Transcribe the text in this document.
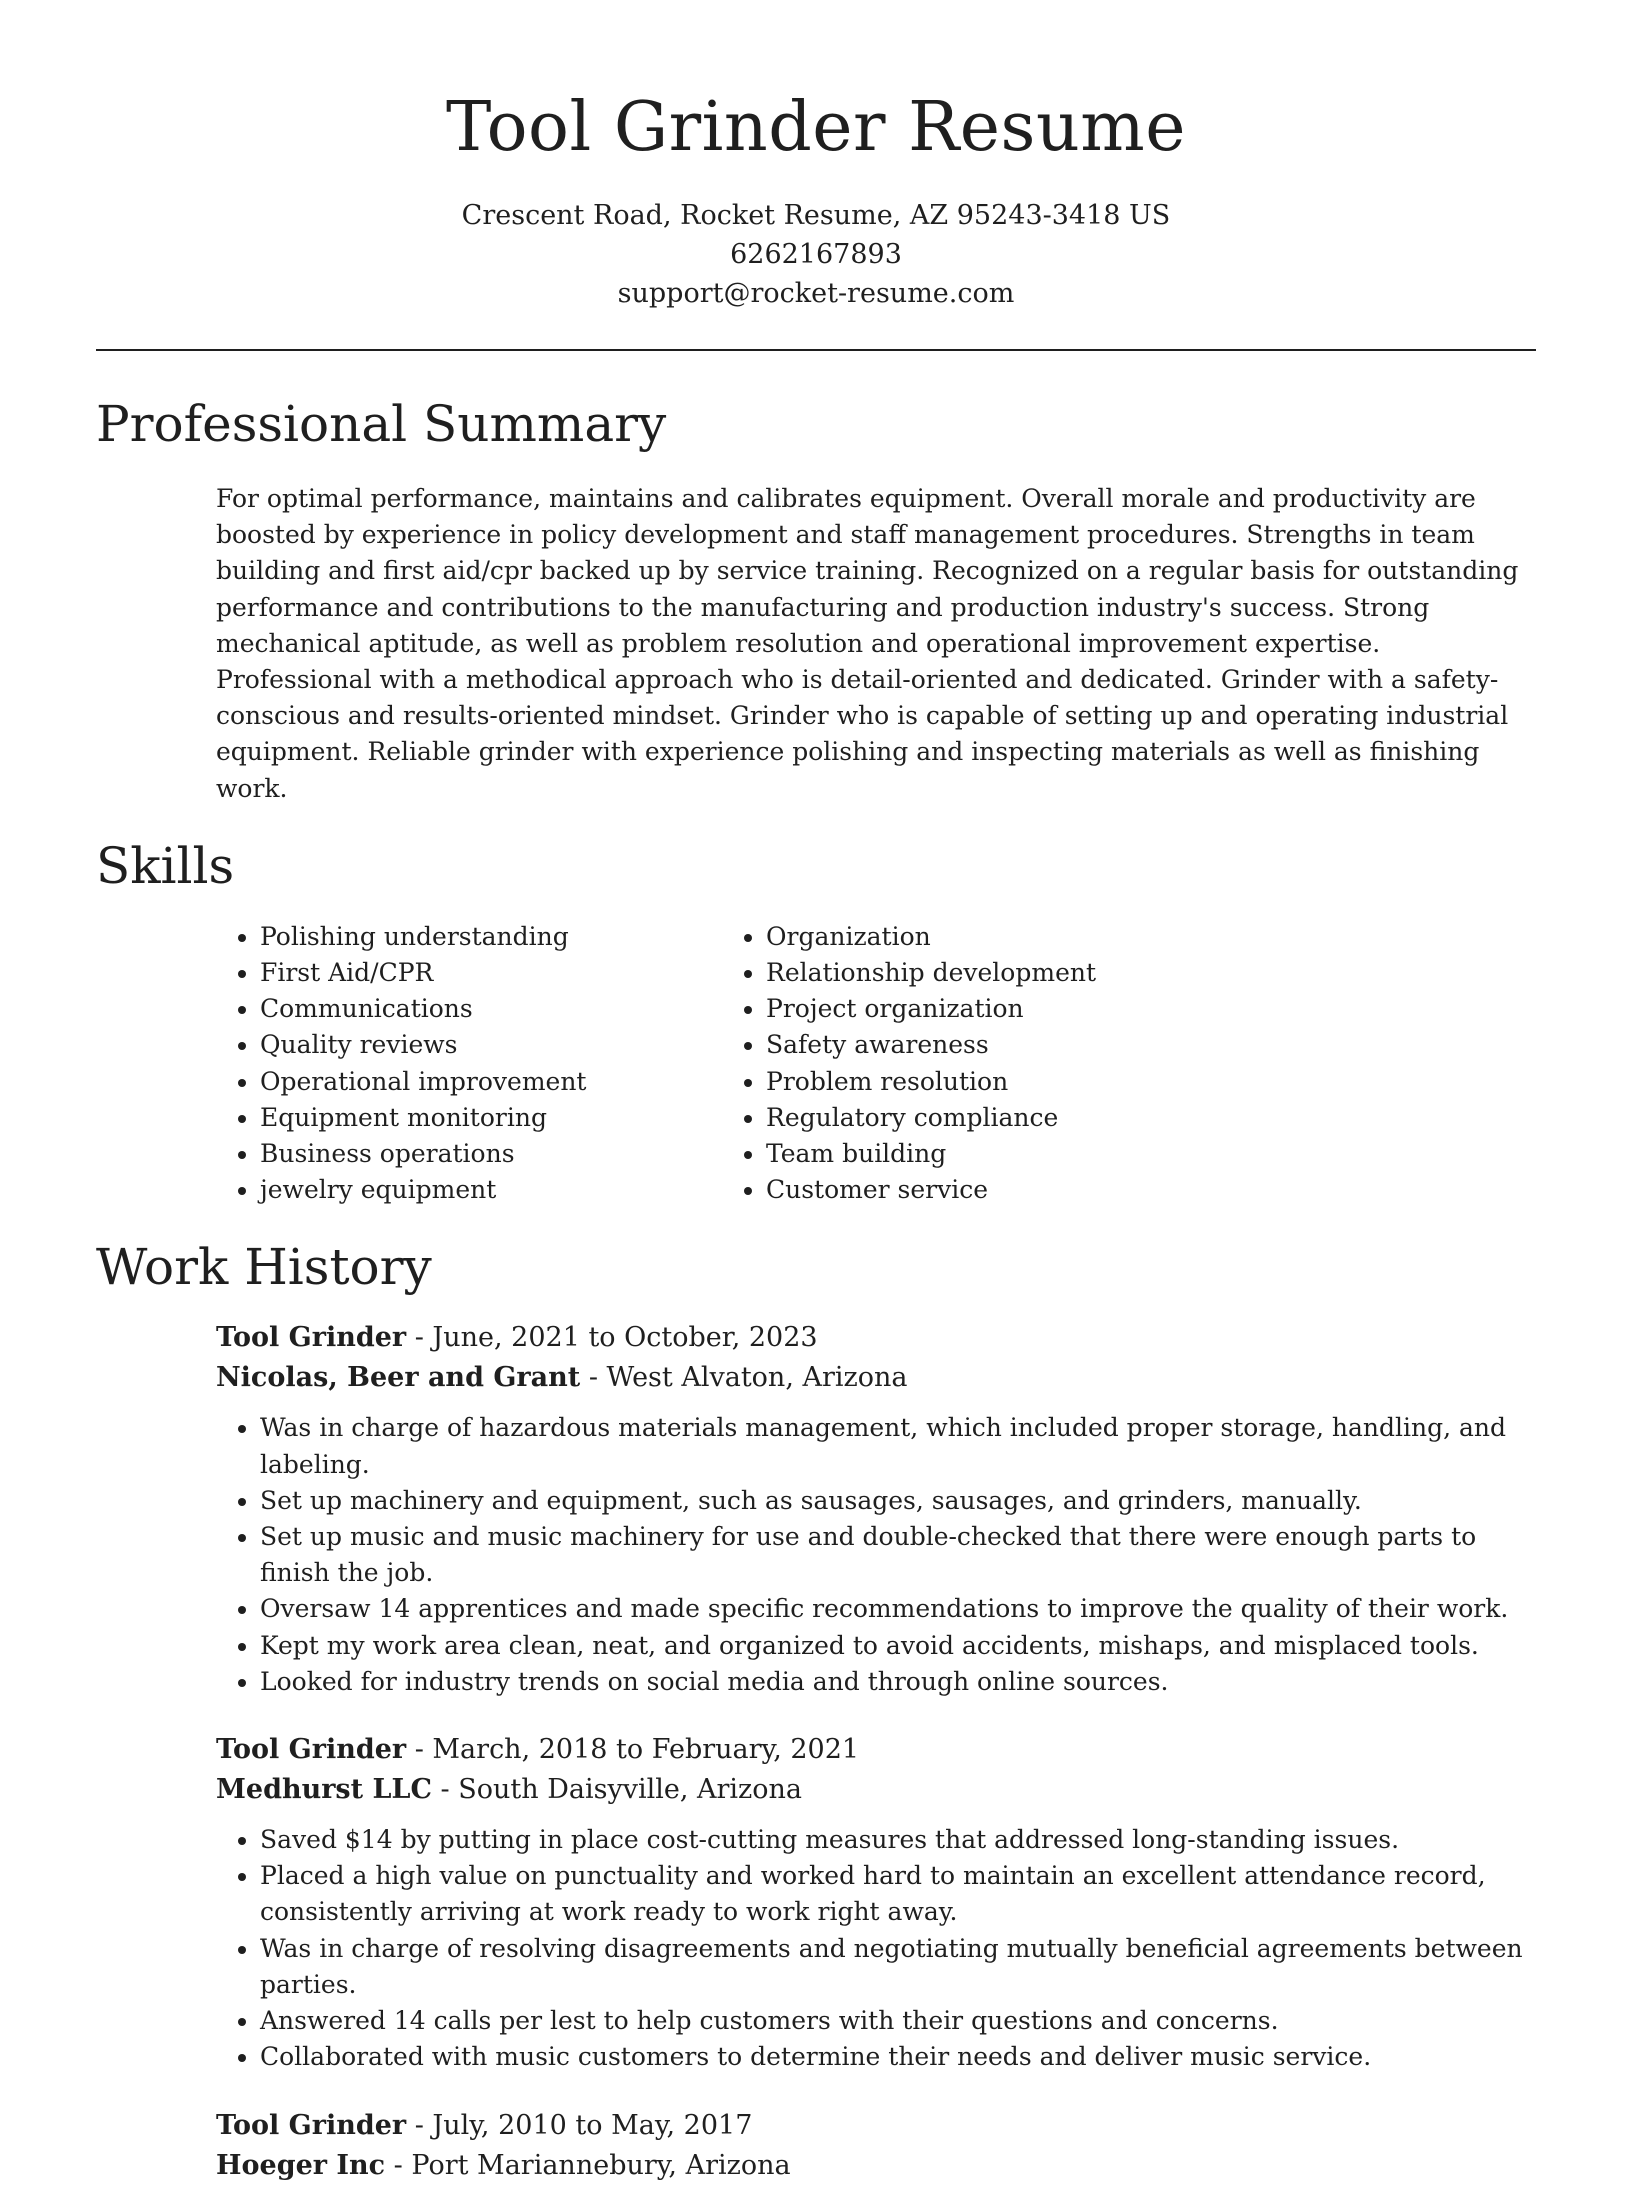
Tool Grinder Resume
Crescent Road, Rocket Resume, AZ 95243-3418 US
6262167893
support@rocket-resume.com
Professional Summary

For optimal performance, maintains and calibrates equipment. Overall morale and productivity are boosted by experience in policy development and staff management procedures. Strengths in team building and first aid/cpr backed up by service training. Recognized on a regular basis for outstanding performance and contributions to the manufacturing and production industry's success. Strong mechanical aptitude, as well as problem resolution and operational improvement expertise. Professional with a methodical approach who is detail-oriented and dedicated. Grinder with a safety-conscious and results-oriented mindset. Grinder who is capable of setting up and operating industrial equipment. Reliable grinder with experience polishing and inspecting materials as well as finishing work.

Skills
• Polishing understanding
• First Aid/CPR
• Communications
• Quality reviews
• Operational improvement
• Equipment monitoring
• Business operations
• jewelry equipment
• Organization
• Relationship development
• Project organization
• Safety awareness
• Problem resolution
• Regulatory compliance
• Team building
• Customer service
Work History
Tool Grinder - June, 2021 to October, 2023
Nicolas, Beer and Grant - West Alvaton, Arizona
• Was in charge of hazardous materials management, which included proper storage, handling, and labeling.
• Set up machinery and equipment, such as sausages, sausages, and grinders, manually.
• Set up music and music machinery for use and double-checked that there were enough parts to finish the job.
• Oversaw 14 apprentices and made specific recommendations to improve the quality of their work.
• Kept my work area clean, neat, and organized to avoid accidents, mishaps, and misplaced tools.
• Looked for industry trends on social media and through online sources.
Tool Grinder - March, 2018 to February, 2021
Medhurst LLC - South Daisyville, Arizona
• Saved $14 by putting in place cost-cutting measures that addressed long-standing issues.
• Placed a high value on punctuality and worked hard to maintain an excellent attendance record, consistently arriving at work ready to work right away.
• Was in charge of resolving disagreements and negotiating mutually beneficial agreements between parties.
• Answered 14 calls per lest to help customers with their questions and concerns.
• Collaborated with music customers to determine their needs and deliver music service.
Tool Grinder - July, 2010 to May, 2017
Hoeger Inc - Port Mariannebury, Arizona
